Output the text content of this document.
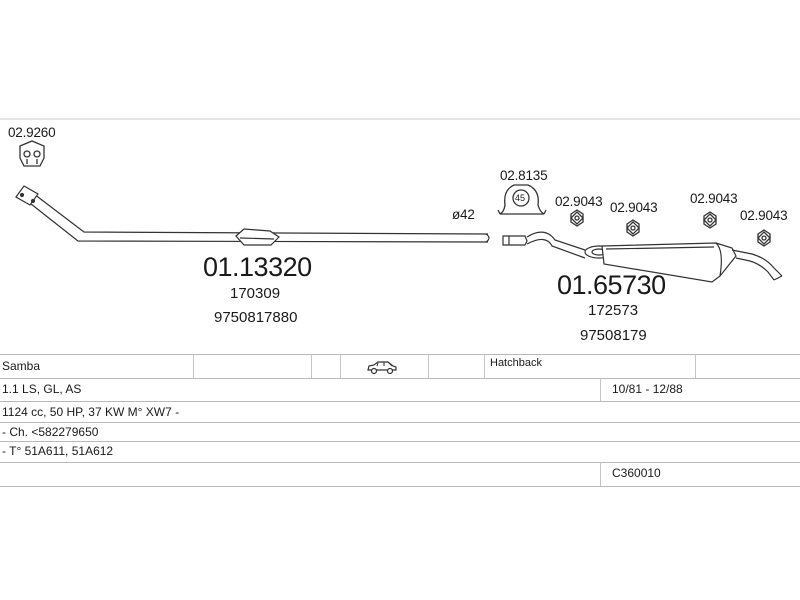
02.9260
02.8135
45 02.9043 02.9043
02.9043
02.9043
ø42
01.13320
170309
9750817880
01.65730
172573
97508179
Samba	Hatchback
1.1 LS, GL, AS	10/81 - 12/88
1124 cc, 50 HP, 37 KW M° XW7 -
- Ch. <582279650
- T° 51A611, 51A612
C360010
